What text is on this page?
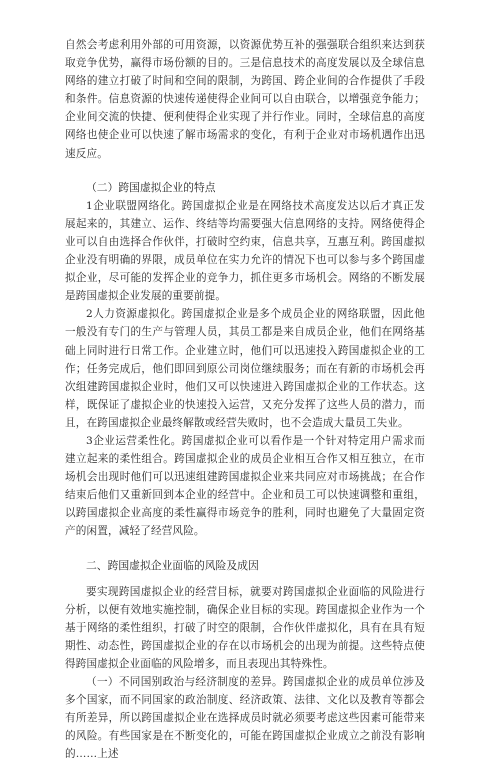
自然会考虑利用外部的可用资源，以资源优势互补的强强联合组织来达到获取竞争优势，赢得市场份额的目的。三是信息技术的高度发展以及全球信息网络的建立打破了时间和空间的限制，为跨国、跨企业间的合作提供了手段和条件。信息资源的快速传递使得企业间可以自由联合，以增强竞争能力；企业间交流的快捷、便利使得企业实现了并行作业。同时，全球信息的高度网络也使企业可以快速了解市场需求的变化，有利于企业对市场机遇作出迅速反应。

（二）跨国虚拟企业的特点

1企业联盟网络化。跨国虚拟企业是在网络技术高度发达以后才真正发展起来的，其建立、运作、终结等均需要强大信息网络的支持。网络使得企业可以自由选择合作伙伴，打破时空约束，信息共享，互惠互利。跨国虚拟企业没有明确的界限，成员单位在实力允许的情况下也可以参与多个跨国虚拟企业，尽可能的发挥企业的竞争力，抓住更多市场机会。网络的不断发展是跨国虚拟企业发展的重要前提。

2人力资源虚拟化。跨国虚拟企业是多个成员企业的网络联盟，因此他一般没有专门的生产与管理人员，其员工都是来自成员企业，他们在网络基础上同时进行日常工作。企业建立时，他们可以迅速投入跨国虚拟企业的工作；任务完成后，他们即回到原公司岗位继续服务；而在有新的市场机会再次组建跨国虚拟企业时，他们又可以快速进入跨国虚拟企业的工作状态。这样，既保证了虚拟企业的快速投入运营，又充分发挥了这些人员的潜力，而且，在跨国虚拟企业最终解散或经营失败时，也不会造成大量员工失业。

3企业运营柔性化。跨国虚拟企业可以看作是一个针对特定用户需求而建立起来的柔性组合。跨国虚拟企业的成员企业相互合作又相互独立，在市场机会出现时他们可以迅速组建跨国虚拟企业来共同应对市场挑战；在合作结束后他们又重新回到本企业的经营中。企业和员工可以快速调整和重组，以跨国虚拟企业高度的柔性赢得市场竞争的胜利，同时也避免了大量固定资产的闲置，减轻了经营风险。

二、跨国虚拟企业面临的风险及成因

要实现跨国虚拟企业的经营目标，就要对跨国虚拟企业面临的风险进行分析，以便有效地实施控制，确保企业目标的实现。跨国虚拟企业作为一个基于网络的柔性组织，打破了时空的限制，合作伙伴虚拟化，具有在具有短期性、动态性，跨国虚拟企业的存在以市场机会的出现为前提。这些特点使得跨国虚拟企业面临的风险增多，而且表现出其特殊性。

（一）不同国别政治与经济制度的差异。跨国虚拟企业的成员单位涉及多个国家，而不同国家的政治制度、经济政策、法律、文化以及教育等都会有所差异，所以跨国虚拟企业在选择成员时就必须要考虑这些因素可能带来的风险。有些国家是在不断变化的，可能在跨国虚拟企业成立之前没有影响的……上述
